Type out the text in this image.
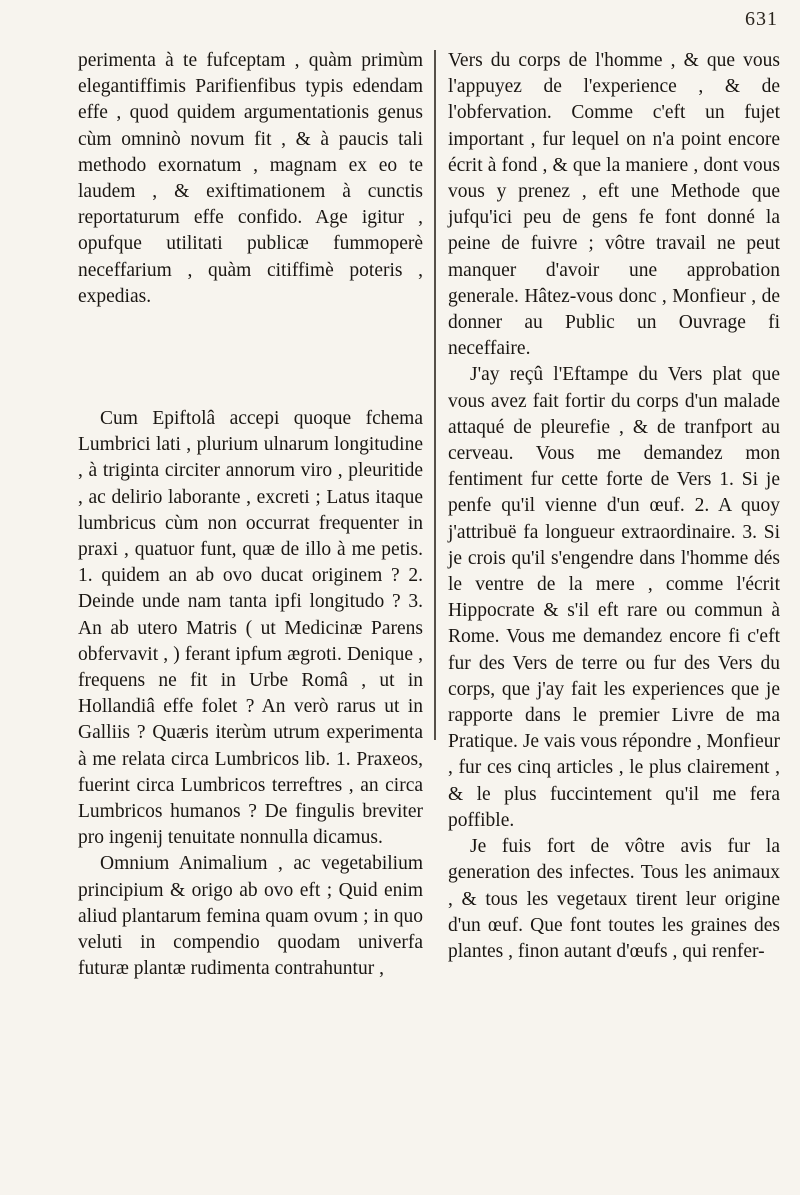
631

perimenta à te fufceptam , quàm primùm elegantiffimis Parifienfibus typis edendam effe , quod quidem argumentationis genus cùm omninò novum fit , & à paucis tali methodo exornatum , magnam ex eo te laudem , & exiftimationem à cunctis reportaturum effe confido. Age igitur , opufque utilitati publicæ fummoperè neceffarium , quàm citiffimè poteris , expedias.

Cum Epiftolâ accepi quoque fchema Lumbrici lati , plurium ulnarum longitudine , à triginta circiter annorum viro , pleuritide , ac delirio laborante , excreti ; Latus itaque lumbricus cùm non occurrat frequenter in praxi , quatuor funt, quæ de illo à me petis. 1. quidem an ab ovo ducat originem ? 2. Deinde unde nam tanta ipfi longitudo ? 3. An ab utero Matris ( ut Medicinæ Parens obfervavit , ) ferant ipfum ægroti. Denique , frequens ne fit in Urbe Româ , ut in Hollandiâ effe folet ? An verò rarus ut in Galliis ? Quæris iterùm utrum experimenta à me relata circa Lumbricos lib. 1. Praxeos, fuerint circa Lumbricos terreftres , an circa Lumbricos humanos ? De fingulis breviter pro ingenij tenuitate nonnulla dicamus.

Omnium Animalium , ac vegetabilium principium & origo ab ovo eft ; Quid enim aliud plantarum femina quam ovum ; in quo veluti in compendio quodam univerfa futuræ plantæ rudimenta contrahuntur ,

Vers du corps de l'homme , & que vous l'appuyez de l'experience , & de l'obfervation. Comme c'eft un fujet important , fur lequel on n'a point encore écrit à fond , & que la maniere , dont vous vous y prenez , eft une Methode que jufqu'ici peu de gens fe font donné la peine de fuivre ; vôtre travail ne peut manquer d'avoir une approbation generale. Hâtez-vous donc , Monfieur , de donner au Public un Ouvrage fi neceffaire.

J'ay reçû l'Eftampe du Vers plat que vous avez fait fortir du corps d'un malade attaqué de pleurefie , & de tranfport au cerveau. Vous me demandez mon fentiment fur cette forte de Vers 1. Si je penfe qu'il vienne d'un œuf. 2. A quoy j'attribuë fa longueur extraordinaire. 3. Si je crois qu'il s'engendre dans l'homme dés le ventre de la mere , comme l'écrit Hippocrate & s'il eft rare ou commun à Rome. Vous me demandez encore fi c'eft fur des Vers de terre ou fur des Vers du corps, que j'ay fait les experiences que je rapporte dans le premier Livre de ma Pratique. Je vais vous répondre , Monfieur , fur ces cinq articles , le plus clairement , & le plus fuccintement qu'il me fera poffible.

Je fuis fort de vôtre avis fur la generation des infectes. Tous les animaux , & tous les vegetaux tirent leur origine d'un œuf. Que font toutes les graines des plantes , finon autant d'œufs , qui renfer-
